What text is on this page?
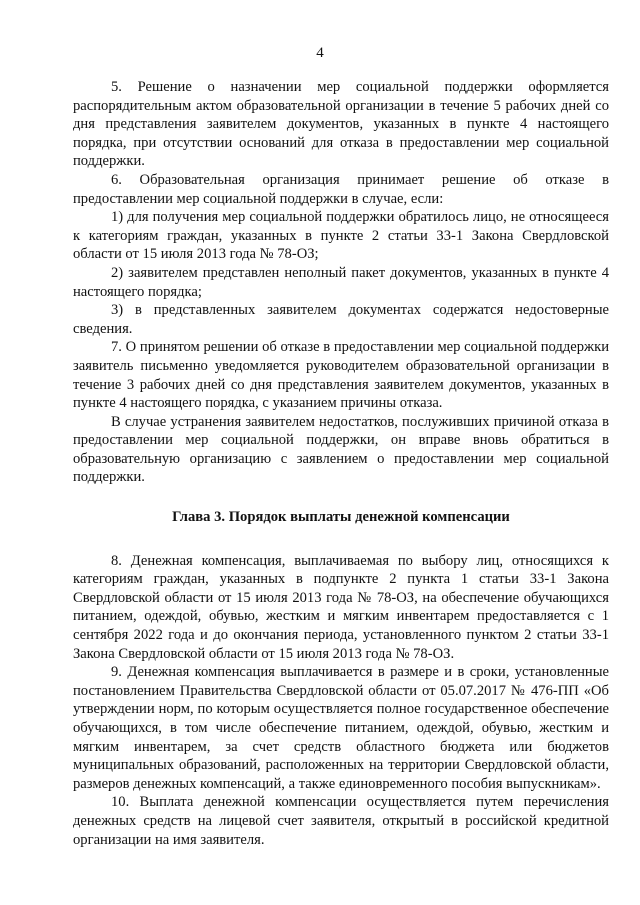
4

5. Решение о назначении мер социальной поддержки оформляется распорядительным актом образовательной организации в течение 5 рабочих дней со дня представления заявителем документов, указанных в пункте 4 настоящего порядка, при отсутствии оснований для отказа в предоставлении мер социальной поддержки.

6. Образовательная организация принимает решение об отказе в предоставлении мер социальной поддержки в случае, если:

1) для получения мер социальной поддержки обратилось лицо, не относящееся к категориям граждан, указанных в пункте 2 статьи 33-1 Закона Свердловской области от 15 июля 2013 года № 78-ОЗ;

2) заявителем представлен неполный пакет документов, указанных в пункте 4 настоящего порядка;

3) в представленных заявителем документах содержатся недостоверные сведения.

7. О принятом решении об отказе в предоставлении мер социальной поддержки заявитель письменно уведомляется руководителем образовательной организации в течение 3 рабочих дней со дня представления заявителем документов, указанных в пункте 4 настоящего порядка, с указанием причины отказа.

В случае устранения заявителем недостатков, послуживших причиной отказа в предоставлении мер социальной поддержки, он вправе вновь обратиться в образовательную организацию с заявлением о предоставлении мер социальной поддержки.

Глава 3. Порядок выплаты денежной компенсации

8. Денежная компенсация, выплачиваемая по выбору лиц, относящихся к категориям граждан, указанных в подпункте 2 пункта 1 статьи 33-1 Закона Свердловской области от 15 июля 2013 года № 78-ОЗ, на обеспечение обучающихся питанием, одеждой, обувью, жестким и мягким инвентарем предоставляется с 1 сентября 2022 года и до окончания периода, установленного пунктом 2 статьи 33-1 Закона Свердловской области от 15 июля 2013 года № 78-ОЗ.

9. Денежная компенсация выплачивается в размере и в сроки, установленные постановлением Правительства Свердловской области от 05.07.2017 № 476-ПП «Об утверждении норм, по которым осуществляется полное государственное обеспечение обучающихся, в том числе обеспечение питанием, одеждой, обувью, жестким и мягким инвентарем, за счет средств областного бюджета или бюджетов муниципальных образований, расположенных на территории Свердловской области, размеров денежных компенсаций, а также единовременного пособия выпускникам».

10. Выплата денежной компенсации осуществляется путем перечисления денежных средств на лицевой счет заявителя, открытый в российской кредитной организации на имя заявителя.
